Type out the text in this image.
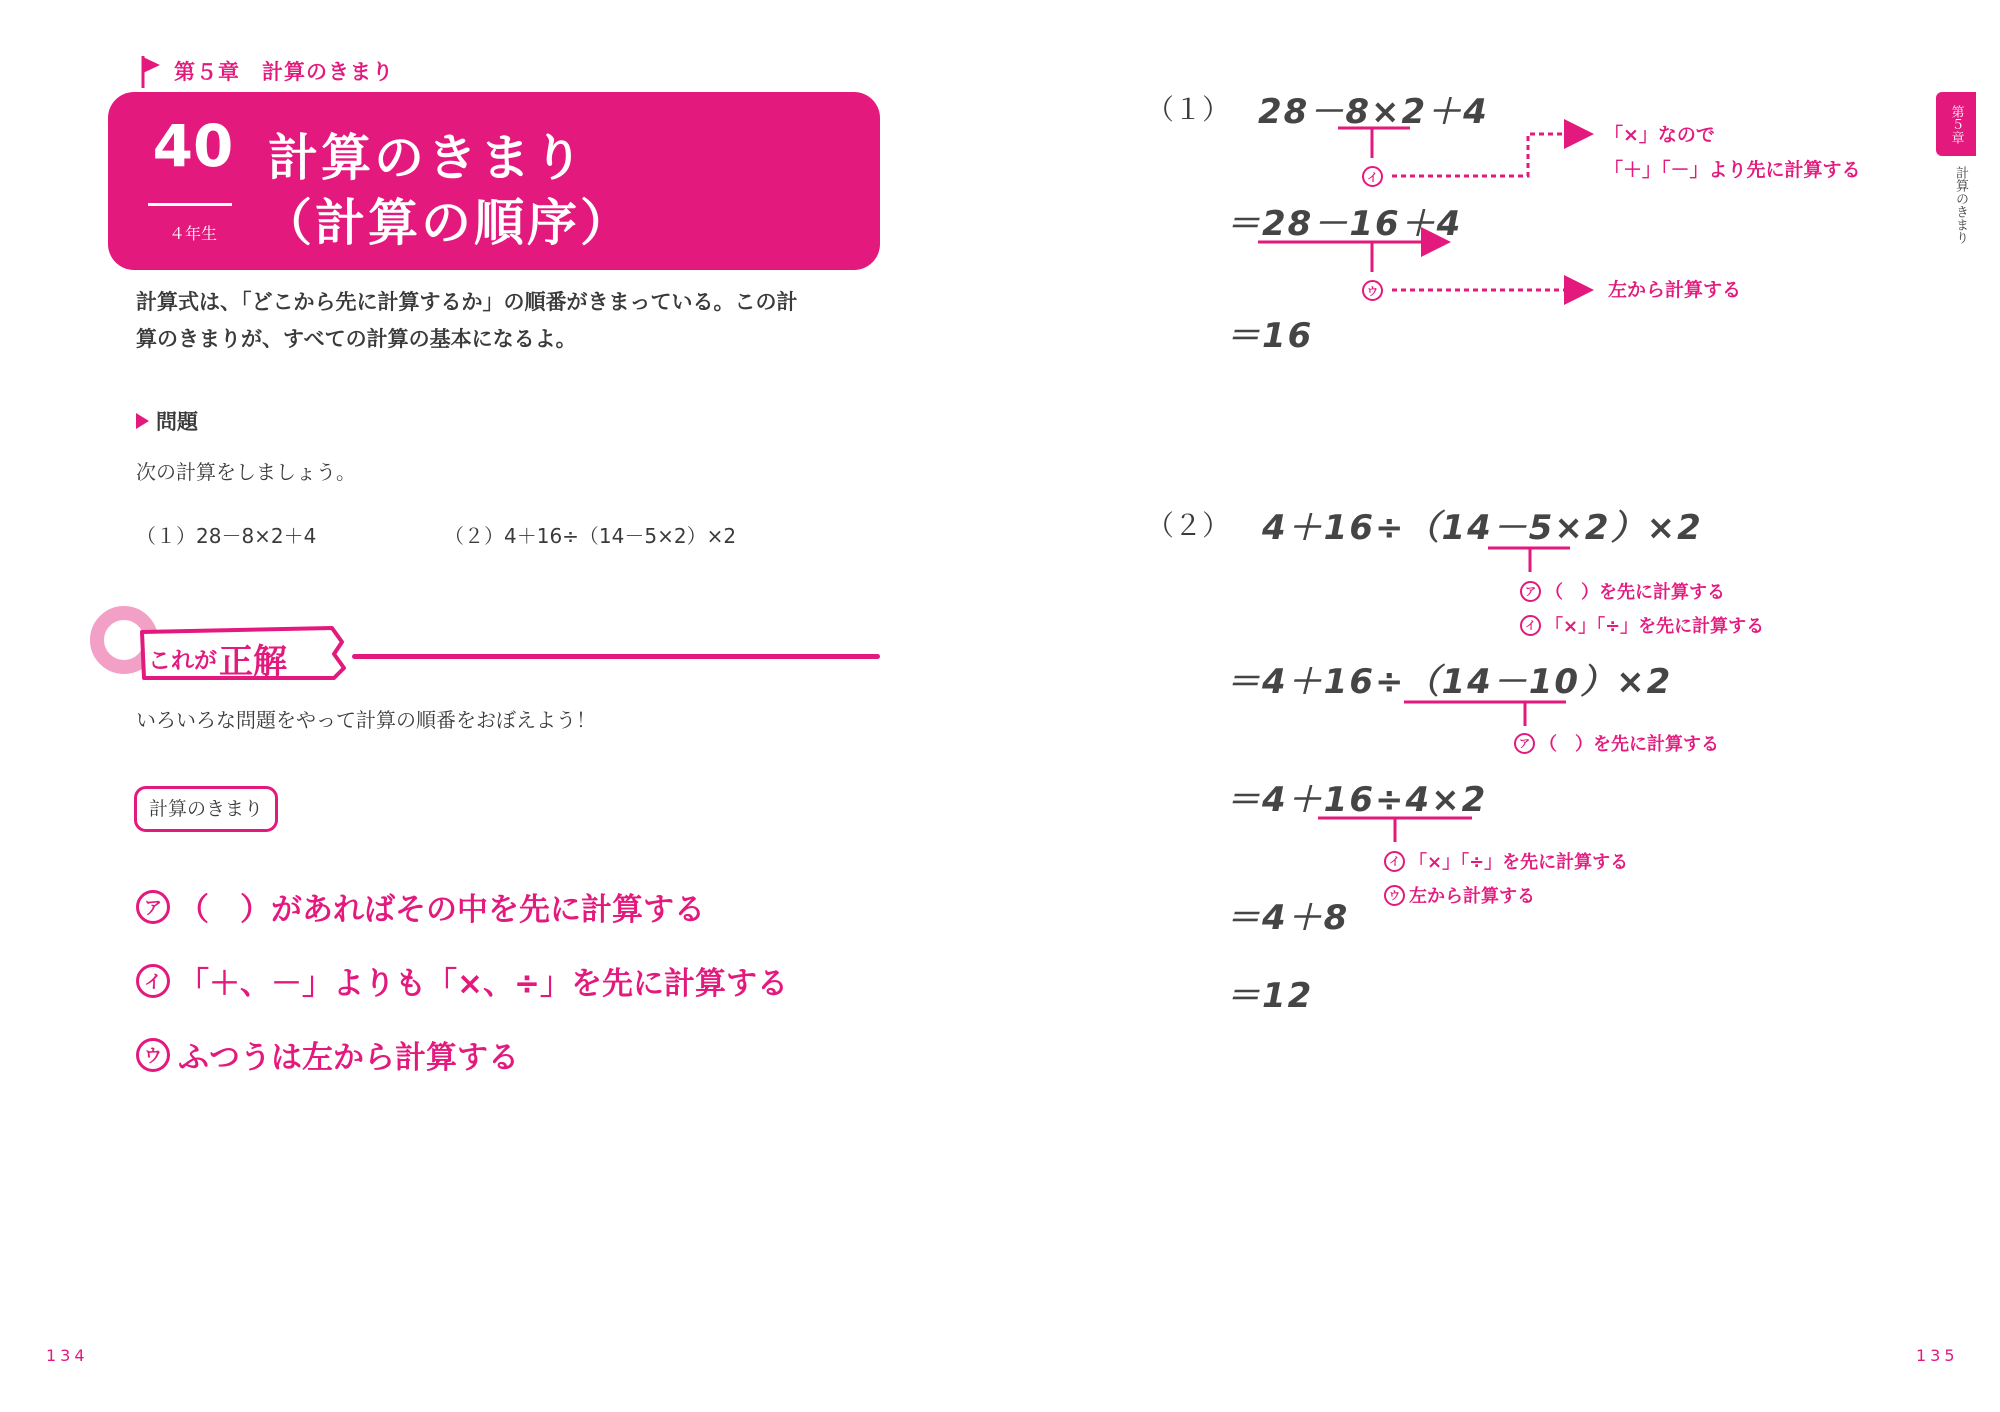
第５章　計算のきまり
40
４年生
計算のきまり
（計算の順序）
計算式は、「どこから先に計算するか」の順番がきまっている。この計
算のきまりが、すべての計算の基本になるよ。
問題
次の計算をしましょう。
（１）28－8×2＋4	（２）4＋16÷（14－5×2）×2
これが 正解
いろいろな問題をやって計算の順番をおぼえよう！
計算のきまり
ア （　）があればその中を先に計算する
イ 「＋、－」よりも「×、÷」を先に計算する
ウ ふつうは左から計算する
134
第５章
計算のきまり
（１） 28－8×2＋4
＝28－16＋4
＝16
イ
「×」なので
「＋」「－」より先に計算する
ウ	左から計算する
（２） 4＋16÷（14－5×2）×2
ア （　）を先に計算する
イ 「×」「÷」を先に計算する
＝4＋16÷（14－10）×2
ア （　）を先に計算する
＝4＋16÷4×2
イ 「×」「÷」を先に計算する
ウ 左から計算する
＝4＋8
＝12
135
